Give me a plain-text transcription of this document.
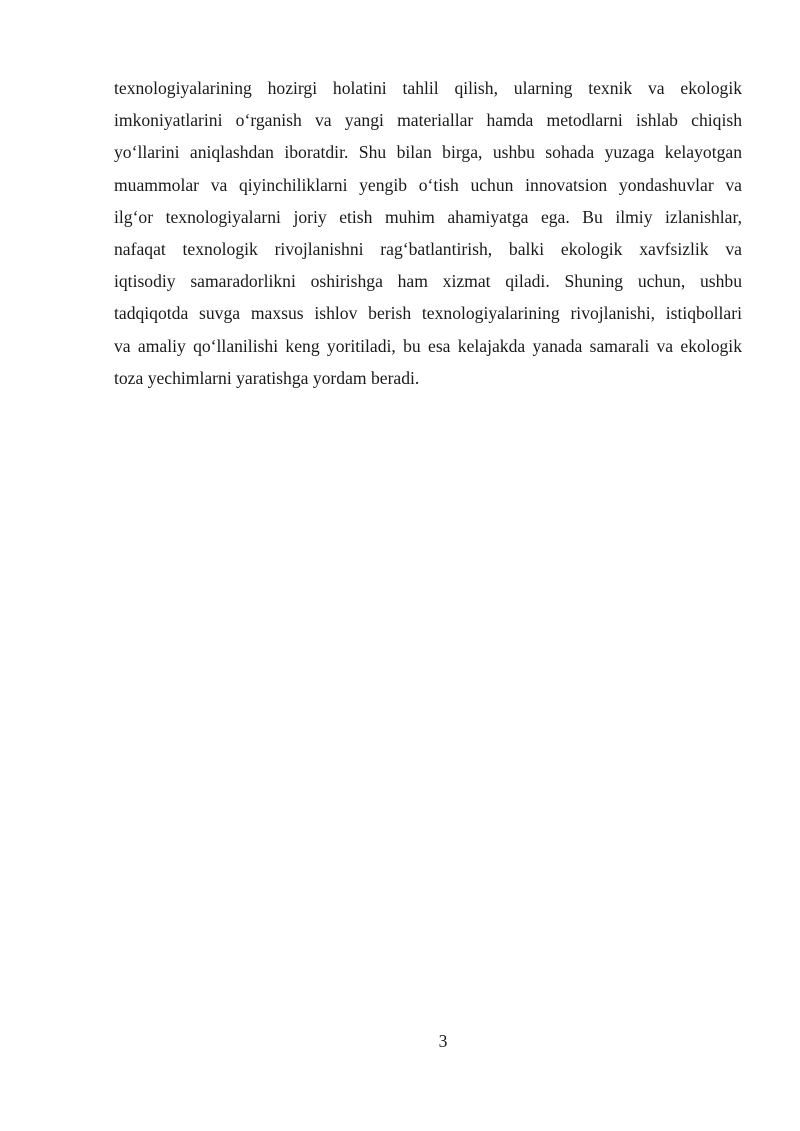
texnologiyalarining hozirgi holatini tahlil qilish, ularning texnik va ekologik
imkoniyatlarini o‘rganish va yangi materiallar hamda metodlarni ishlab chiqish
yo‘llarini aniqlashdan iboratdir. Shu bilan birga, ushbu sohada yuzaga kelayotgan
muammolar va qiyinchiliklarni yengib o‘tish uchun innovatsion yondashuvlar va
ilg‘or texnologiyalarni joriy etish muhim ahamiyatga ega. Bu ilmiy izlanishlar,
nafaqat texnologik rivojlanishni rag‘batlantirish, balki ekologik xavfsizlik va
iqtisodiy samaradorlikni oshirishga ham xizmat qiladi. Shuning uchun, ushbu
tadqiqotda suvga maxsus ishlov berish texnologiyalarining rivojlanishi, istiqbollari
va amaliy qo‘llanilishi keng yoritiladi, bu esa kelajakda yanada samarali va ekologik
toza yechimlarni yaratishga yordam beradi.
3
